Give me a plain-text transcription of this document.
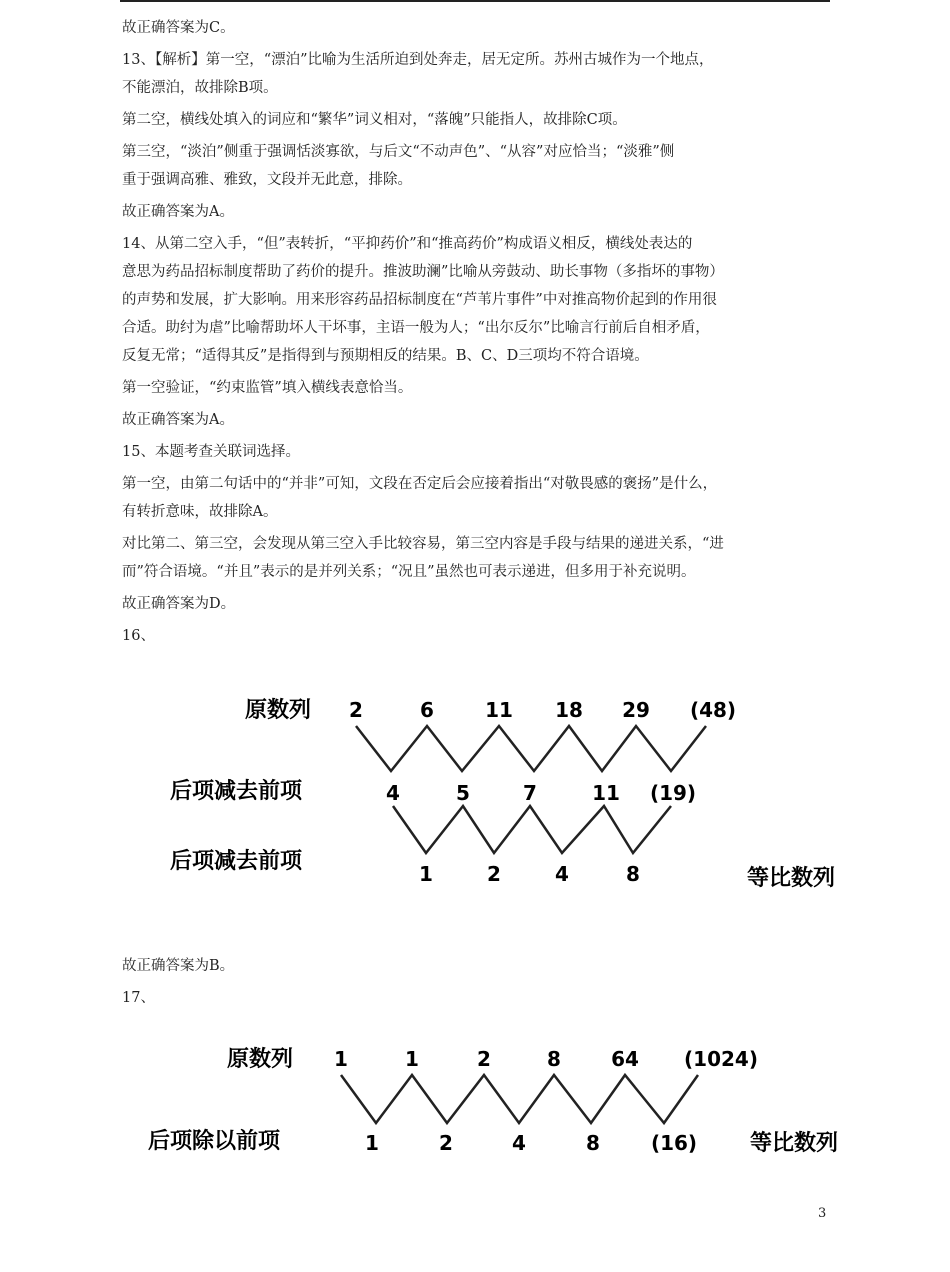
故正确答案为C。
13、【解析】第一空，“漂泊”比喻为生活所迫到处奔走，居无定所。苏州古城作为一个地点，
不能漂泊，故排除B项。
第二空，横线处填入的词应和“繁华”词义相对，“落魄”只能指人，故排除C项。
第三空，“淡泊”侧重于强调恬淡寡欲，与后文“不动声色”、“从容”对应恰当；“淡雅”侧
重于强调高雅、雅致，文段并无此意，排除。
故正确答案为A。
14、从第二空入手，“但”表转折，“平抑药价”和“推高药价”构成语义相反，横线处表达的
意思为药品招标制度帮助了药价的提升。推波助澜”比喻从旁鼓动、助长事物（多指坏的事物）
的声势和发展，扩大影响。用来形容药品招标制度在“芦苇片事件”中对推高物价起到的作用很
合适。助纣为虐”比喻帮助坏人干坏事，主语一般为人；“出尔反尔”比喻言行前后自相矛盾，
反复无常；“适得其反”是指得到与预期相反的结果。B、C、D三项均不符合语境。
第一空验证，“约束监管”填入横线表意恰当。
故正确答案为A。
15、本题考查关联词选择。
第一空，由第二句话中的“并非”可知，文段在否定后会应接着指出“对敬畏感的褒扬”是什么，
有转折意味，故排除A。
对比第二、第三空，会发现从第三空入手比较容易，第三空内容是手段与结果的递进关系，“进
而”符合语境。“并且”表示的是并列关系；“况且”虽然也可表示递进，但多用于补充说明。
故正确答案为D。
16、
原数列 2	6	11 18 29 (48)
后项减去前项	4	5	7	11 (19)
后项减去前项	1	2	4	8	等比数列
故正确答案为B。
17、
原数列 1	1	2	8	64 (1024)
后项除以前项	1	2	4	8	(16) 等比数列
3
